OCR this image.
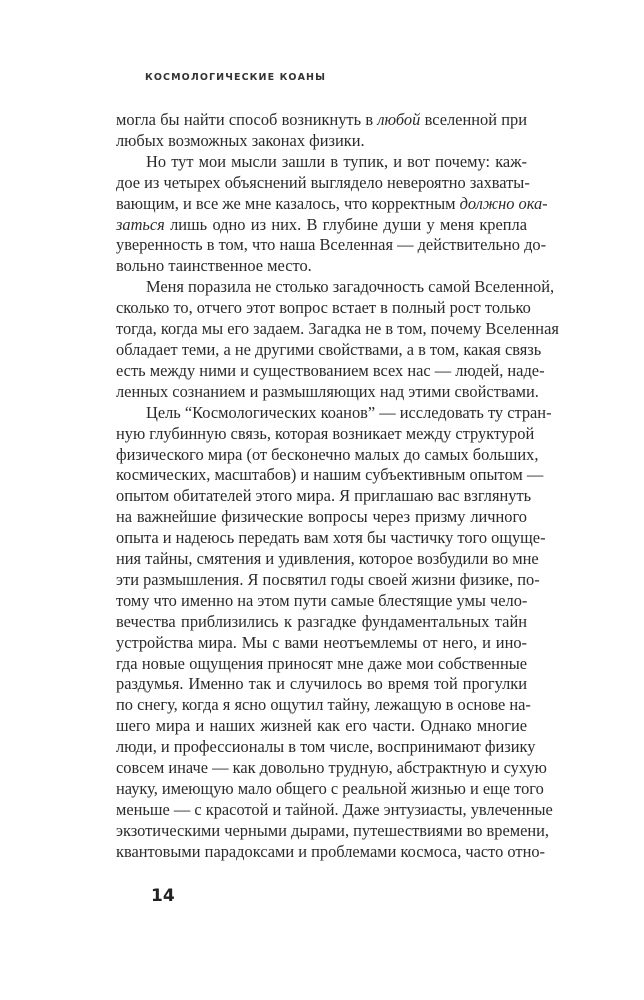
КОСМОЛОГИЧЕСКИЕ КОАНЫ
могла бы найти способ возникнуть в любой вселенной при
любых возможных законах физики.
Но тут мои мысли зашли в тупик, и вот почему: каж-
дое из четырех объяснений выглядело невероятно захваты-
вающим, и все же мне казалось, что корректным должно ока-
заться лишь одно из них. В глубине души у меня крепла
уверенность в том, что наша Вселенная — действительно до-
вольно таинственное место.
Меня поразила не столько загадочность самой Вселенной,
сколько то, отчего этот вопрос встает в полный рост только
тогда, когда мы его задаем. Загадка не в том, почему Вселенная
обладает теми, а не другими свойствами, а в том, какая связь
есть между ними и существованием всех нас — людей, наде-
ленных сознанием и размышляющих над этими свойствами.
Цель “Космологических коанов” — исследовать ту стран-
ную глубинную связь, которая возникает между структурой
физического мира (от бесконечно малых до самых больших,
космических, масштабов) и нашим субъективным опытом —
опытом обитателей этого мира. Я приглашаю вас взглянуть
на важнейшие физические вопросы через призму личного
опыта и надеюсь передать вам хотя бы частичку того ощуще-
ния тайны, смятения и удивления, которое возбудили во мне
эти размышления. Я посвятил годы своей жизни физике, по-
тому что именно на этом пути самые блестящие умы чело-
вечества приблизились к разгадке фундаментальных тайн
устройства мира. Мы с вами неотъемлемы от него, и ино-
гда новые ощущения приносят мне даже мои собственные
раздумья. Именно так и случилось во время той прогулки
по снегу, когда я ясно ощутил тайну, лежащую в основе на-
шего мира и наших жизней как его части. Однако многие
люди, и профессионалы в том числе, воспринимают физику
совсем иначе — как довольно трудную, абстрактную и сухую
науку, имеющую мало общего с реальной жизнью и еще того
меньше — с красотой и тайной. Даже энтузиасты, увлеченные
экзотическими черными дырами, путешествиями во времени,
квантовыми парадоксами и проблемами космоса, часто отно-
14
